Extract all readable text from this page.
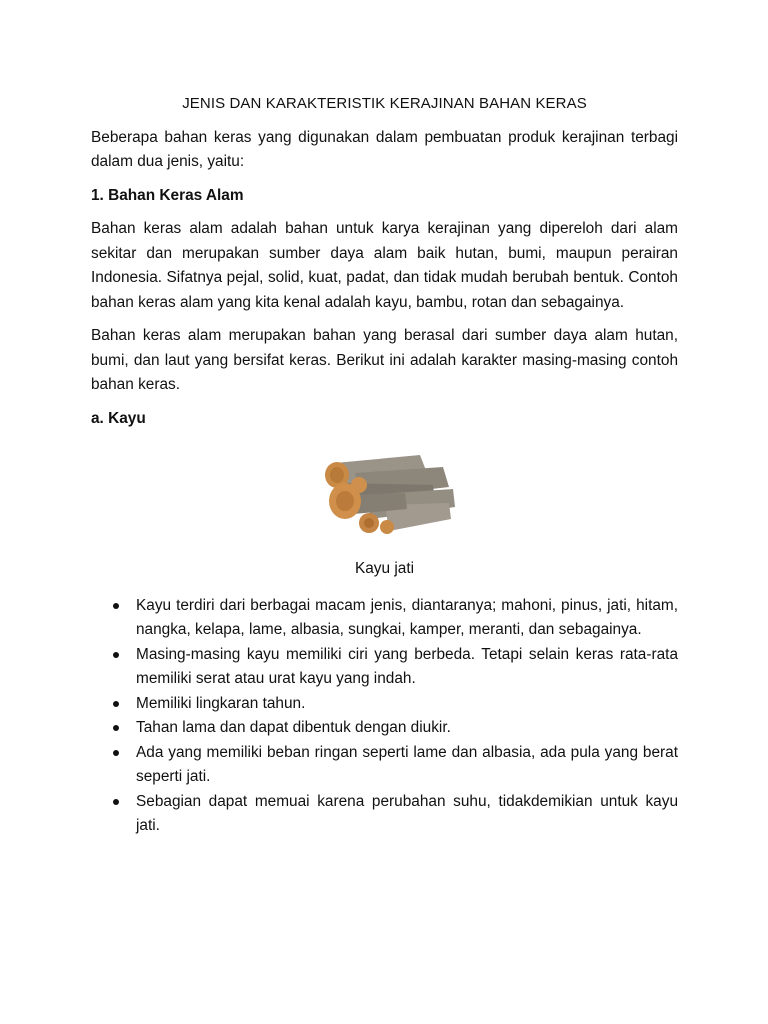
JENIS DAN KARAKTERISTIK KERAJINAN BAHAN KERAS
Beberapa bahan keras yang digunakan dalam pembuatan produk kerajinan terbagi dalam dua jenis, yaitu:
1. Bahan Keras Alam
Bahan keras alam adalah bahan untuk karya kerajinan yang dipereloh dari alam sekitar dan merupakan sumber daya alam baik hutan, bumi, maupun perairan Indonesia. Sifatnya pejal, solid, kuat, padat, dan tidak mudah berubah bentuk. Contoh bahan keras alam yang kita kenal adalah kayu, bambu, rotan dan sebagainya.
Bahan keras alam merupakan bahan yang berasal dari sumber daya alam hutan, bumi, dan laut yang bersifat keras. Berikut ini adalah karakter masing-masing contoh bahan keras.
a. Kayu
Kayu jati
Kayu terdiri dari berbagai macam jenis, diantaranya; mahoni, pinus, jati, hitam, nangka, kelapa, lame, albasia, sungkai, kamper, meranti, dan sebagainya.
Masing-masing kayu memiliki ciri yang berbeda. Tetapi selain keras rata-rata memiliki serat atau urat kayu yang indah.
Memiliki lingkaran tahun.
Tahan lama dan dapat dibentuk dengan diukir.
Ada yang memiliki beban ringan seperti lame dan albasia, ada pula yang berat seperti jati.
Sebagian dapat memuai karena perubahan suhu, tidakdemikian untuk kayu jati.
